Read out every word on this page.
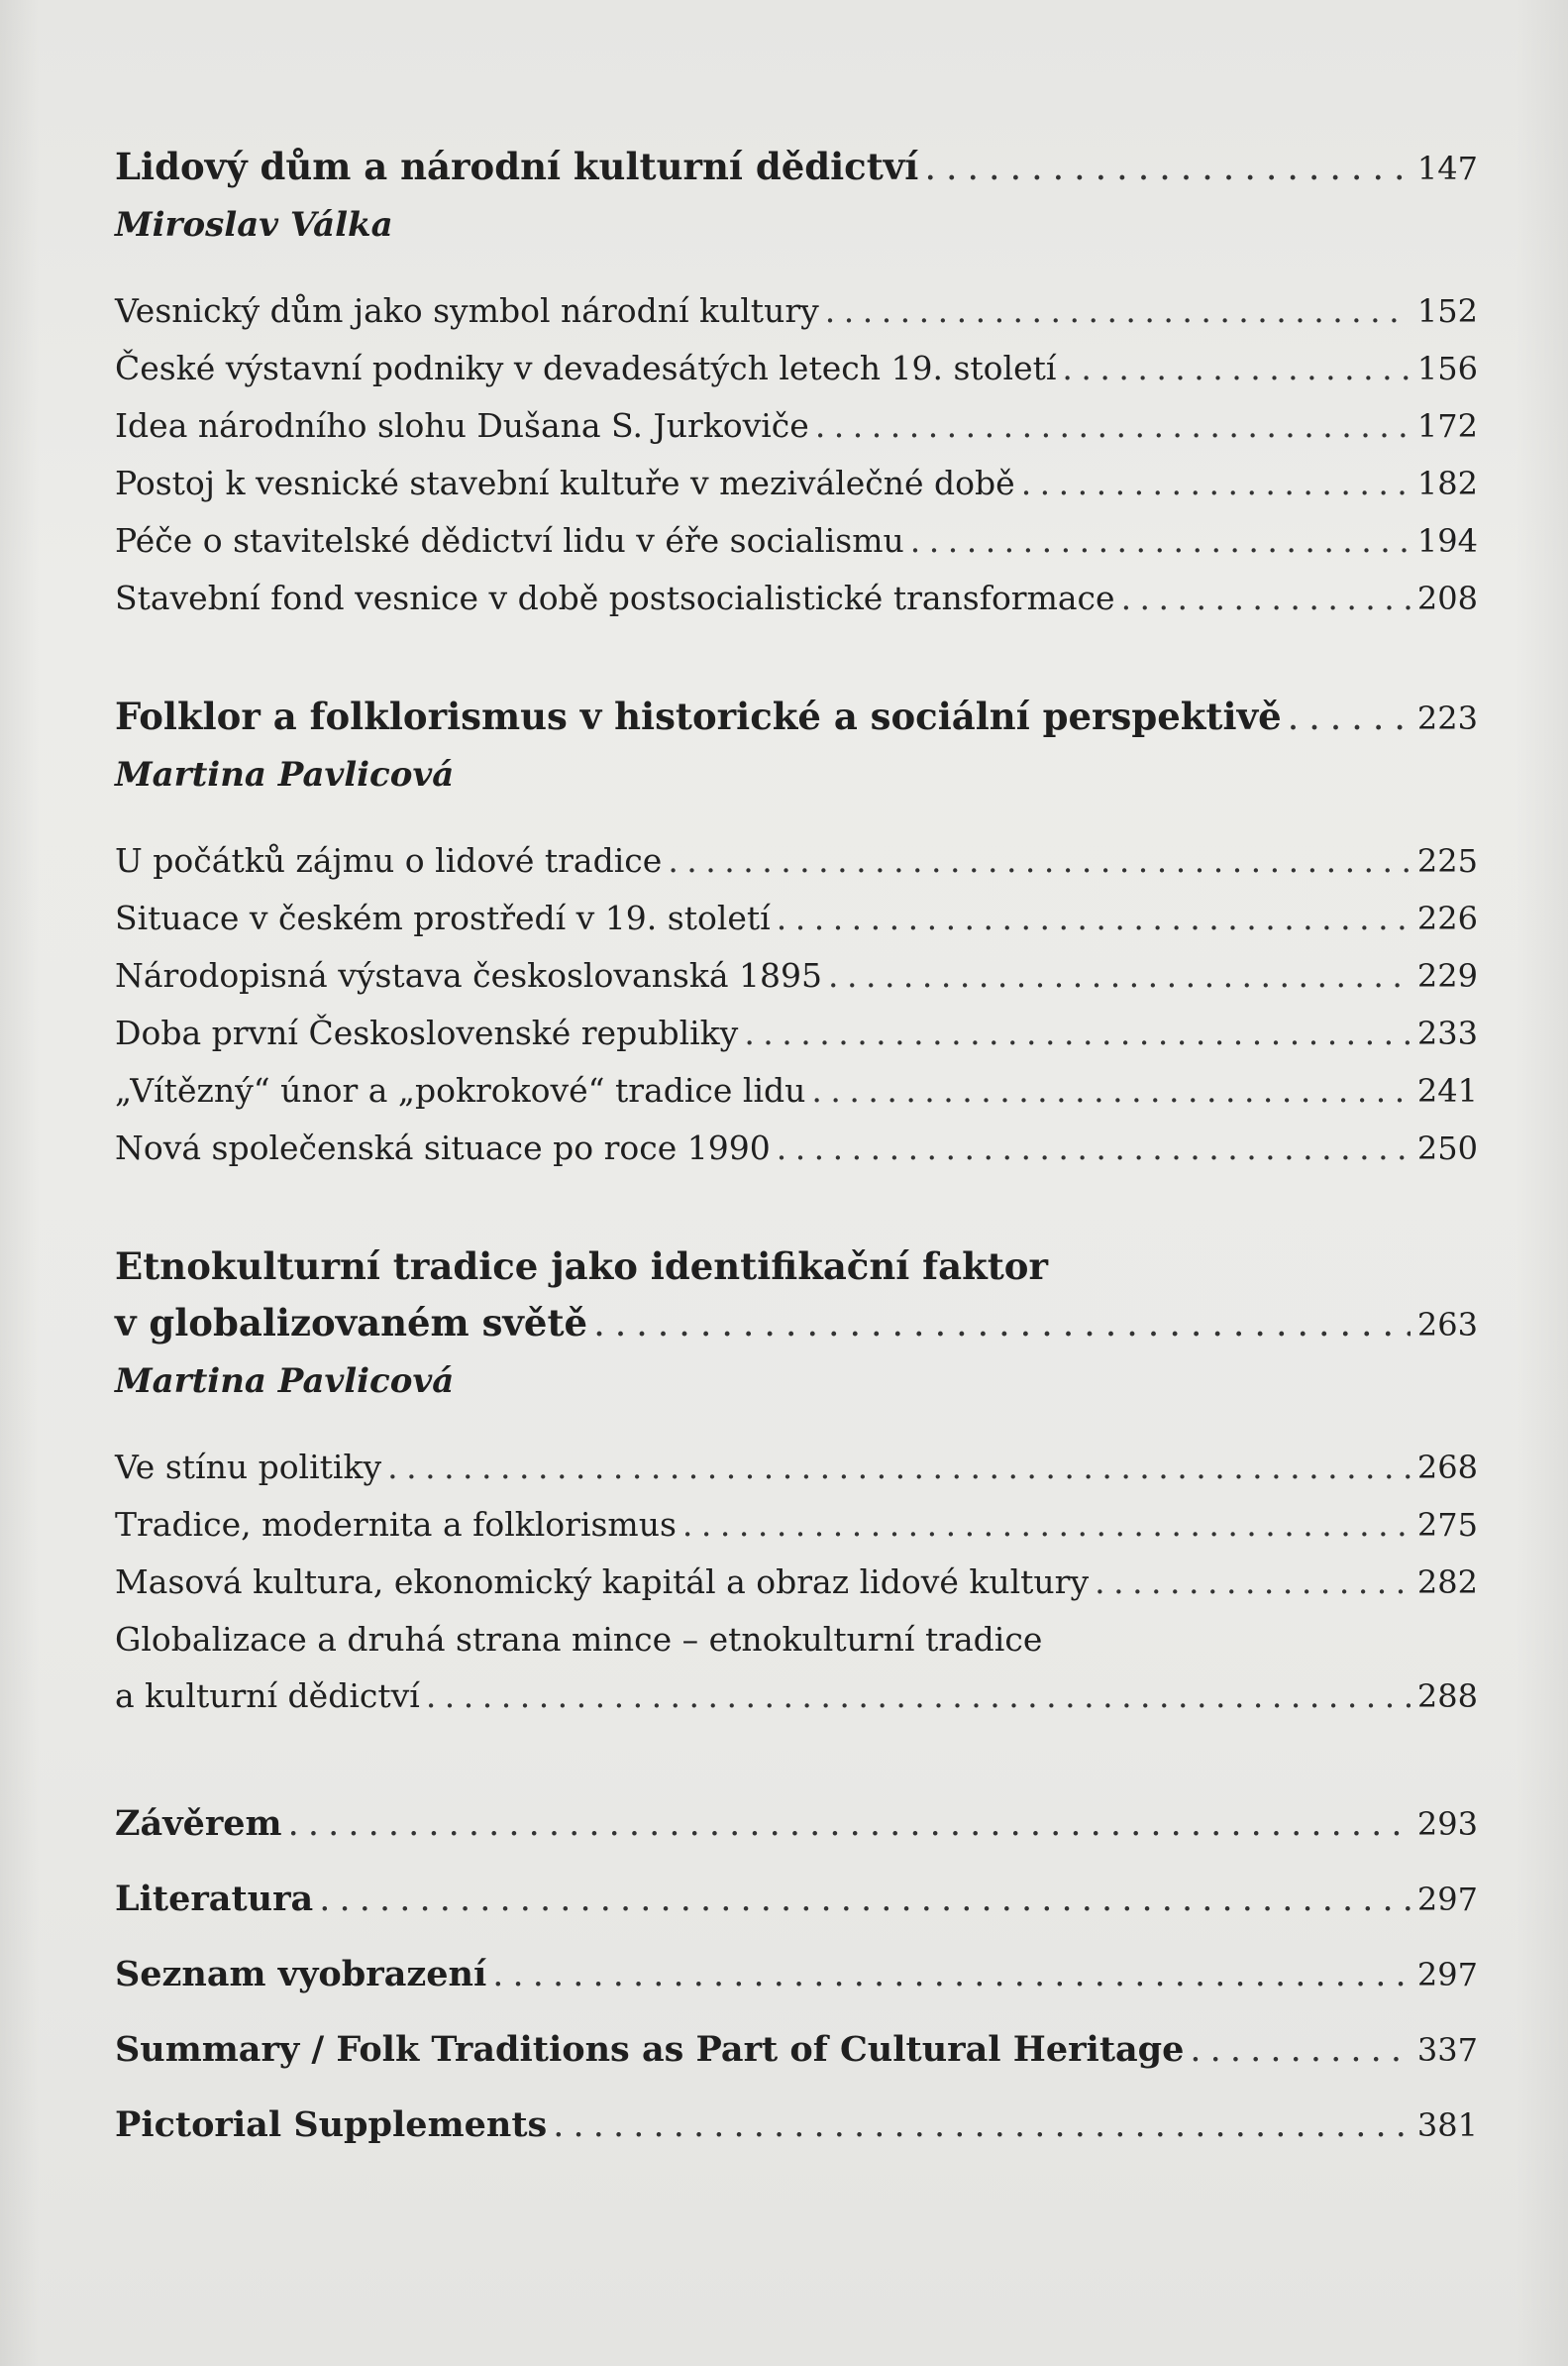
Lidový dům a národní kulturní dědictví . . .	147
Miroslav Válka
Vesnický dům jako symbol národní kultury . . .	152
České výstavní podniky v devadesátých letech 19. století . . .	156
Idea národního slohu Dušana S. Jurkoviče . . .	172
Postoj k vesnické stavební kultuře v meziválečné době . . .	182
Péče o stavitelské dědictví lidu v éře socialismu . . .	194
Stavební fond vesnice v době postsocialistické transformace . . .	208
Folklor a folklorismus v historické a sociální perspektivě . . .	223
Martina Pavlicová
U počátků zájmu o lidové tradice . . .	225
Situace v českém prostředí v 19. století . . .	226
Národopisná výstava českoslovanská 1895 . . .	229
Doba první Československé republiky . . .	233
„Vítězný“ únor a „pokrokové“ tradice lidu . . .	241
Nová společenská situace po roce 1990 . . .	250
Etnokulturní tradice jako identifikační faktor
v globalizovaném světě . . .	263
Martina Pavlicová
Ve stínu politiky . . .	268
Tradice, modernita a folklorismus . . .	275
Masová kultura, ekonomický kapitál a obraz lidové kultury . . .	282
Globalizace a druhá strana mince – etnokulturní tradice
a kulturní dědictví . . .	288
Závěrem . . .	293
Literatura . . .	297
Seznam vyobrazení . . .	297
Summary / Folk Traditions as Part of Cultural Heritage . . .	337
Pictorial Supplements . . .	381
